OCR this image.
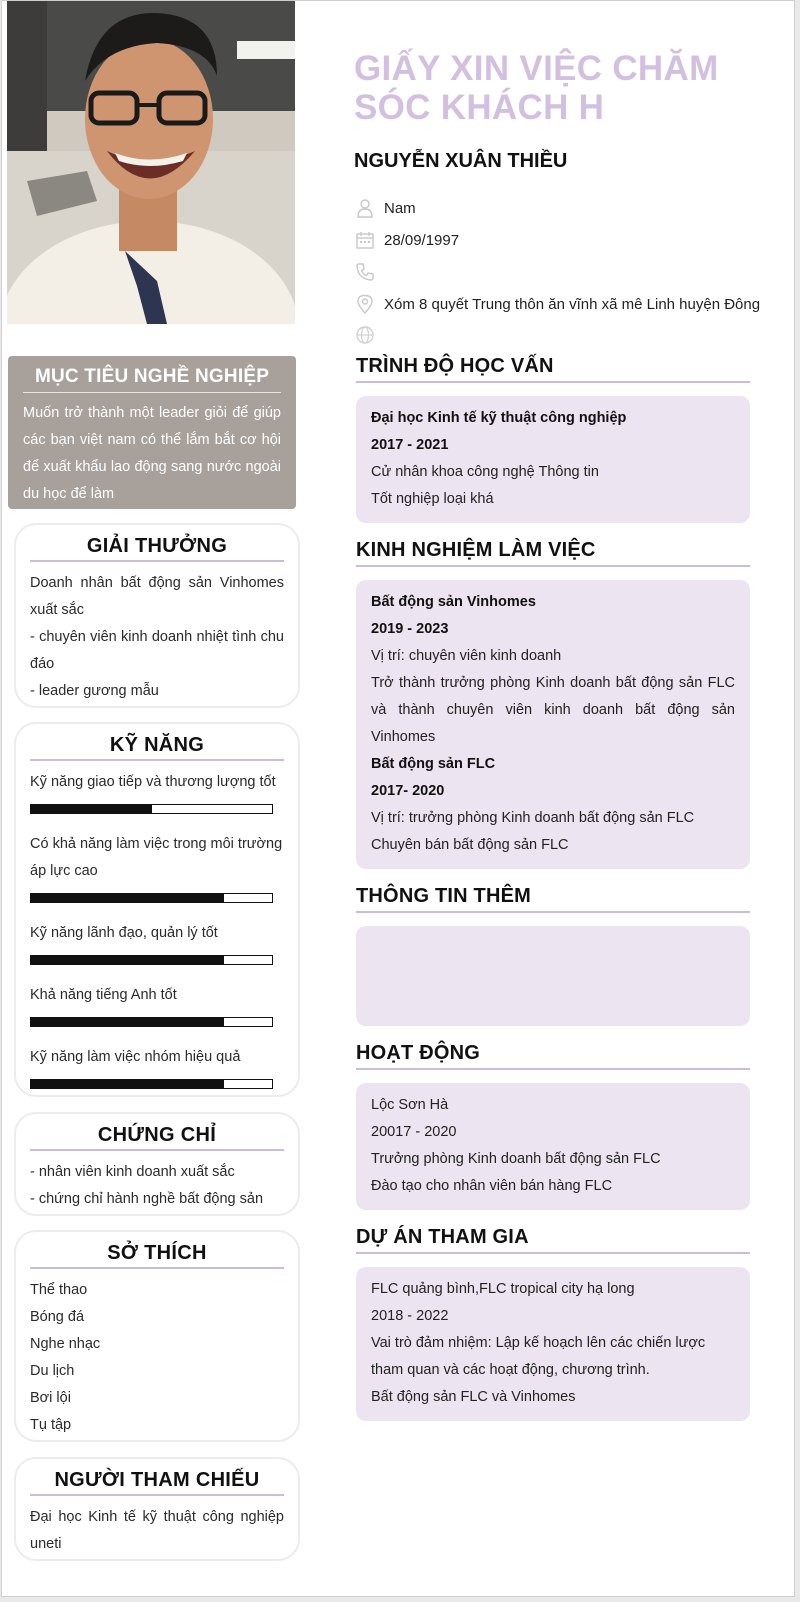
MỤC TIÊU NGHỀ NGHIỆP

Muốn trở thành một leader giỏi để giúp các bạn việt nam có thể lắm bắt cơ hội để xuất khẩu lao động sang nước ngoài du học để làm

GIẢI THƯỞNG
Doanh nhân bất động sản Vinhomes xuất sắc
- chuyên viên kinh doanh nhiệt tình chu đáo
- leader gương mẫu
KỸ NĂNG
Kỹ năng giao tiếp và thương lượng tốt
Có khả năng làm việc trong môi trường áp lực cao
Kỹ năng lãnh đạo, quản lý tốt
Khả năng tiếng Anh tốt
Kỹ năng làm việc nhóm hiệu quả
CHỨNG CHỈ
- nhân viên kinh doanh xuất sắc
- chứng chỉ hành nghề bất động sản
SỞ THÍCH
Thể thao
Bóng đá
Nghe nhạc
Du lịch
Bơi lội
Tụ tập
NGƯỜI THAM CHIẾU
Đại học Kinh tế kỹ thuật công nghiệp uneti
GIẤY XIN VIỆC CHĂM SÓC KHÁCH H
NGUYỄN XUÂN THIỀU
Nam
28/09/1997
Xóm 8 quyết Trung thôn ăn vĩnh xã mê Linh huyện Đông
TRÌNH ĐỘ HỌC VẤN
Đại học Kinh tế kỹ thuật công nghiệp
2017 - 2021
Cử nhân khoa công nghệ Thông tin
Tốt nghiệp loại khá
KINH NGHIỆM LÀM VIỆC
Bất động sản Vinhomes
2019 - 2023
Vị trí: chuyên viên kinh doanh
Trở thành trưởng phòng Kinh doanh bất động sản FLC và thành chuyên viên kinh doanh bất động sản Vinhomes
Bất động sản FLC
2017- 2020
Vị trí: trưởng phòng Kinh doanh bất động sản FLC
Chuyên bán bất động sản FLC
THÔNG TIN THÊM
HOẠT ĐỘNG
Lộc Sơn Hà
20017 - 2020
Trưởng phòng Kinh doanh bất động sản FLC
Đào tạo cho nhân viên bán hàng FLC
DỰ ÁN THAM GIA
FLC quảng bình,FLC tropical city hạ long
2018 - 2022
Vai trò đảm nhiệm: Lập kế hoạch lên các chiến lược tham quan và các hoạt động, chương trình.
Bất động sản FLC và Vinhomes
